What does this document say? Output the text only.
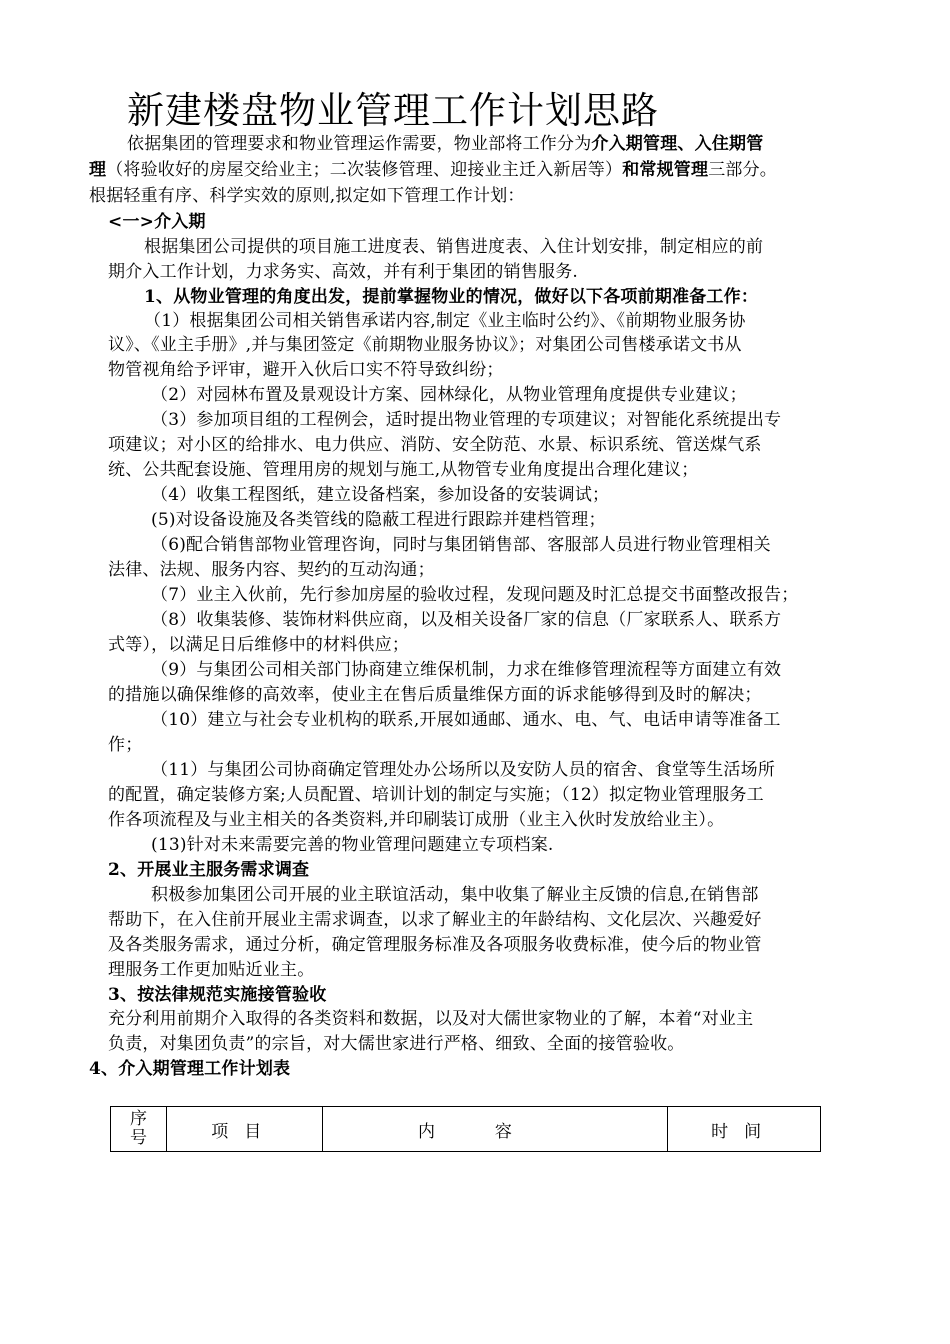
新建楼盘物业管理工作计划思路
依据集团的管理要求和物业管理运作需要，物业部将工作分为介入期管理、入住期管
理（将验收好的房屋交给业主；二次装修管理、迎接业主迁入新居等）和常规管理三部分。
根据轻重有序、科学实效的原则,拟定如下管理工作计划：
<一>介入期
根据集团公司提供的项目施工进度表、销售进度表、入住计划安排，制定相应的前
期介入工作计划，力求务实、高效，并有利于集团的销售服务.
1、从物业管理的角度出发，提前掌握物业的情况，做好以下各项前期准备工作：
（1）根据集团公司相关销售承诺内容,制定《业主临时公约》、《前期物业服务协
议》、《业主手册》,并与集团签定《前期物业服务协议》；对集团公司售楼承诺文书从
物管视角给予评审，避开入伙后口实不符导致纠纷；
（2）对园林布置及景观设计方案、园林绿化，从物业管理角度提供专业建议；
（3）参加项目组的工程例会，适时提出物业管理的专项建议；对智能化系统提出专
项建议；对小区的给排水、电力供应、消防、安全防范、水景、标识系统、管送煤气系
统、公共配套设施、管理用房的规划与施工,从物管专业角度提出合理化建议；
（4）收集工程图纸，建立设备档案，参加设备的安装调试；
(5)对设备设施及各类管线的隐蔽工程进行跟踪并建档管理；
（6)配合销售部物业管理咨询，同时与集团销售部、客服部人员进行物业管理相关
法律、法规、服务内容、契约的互动沟通；
（7）业主入伙前，先行参加房屋的验收过程，发现问题及时汇总提交书面整改报告；
（8）收集装修、装饰材料供应商，以及相关设备厂家的信息（厂家联系人、联系方
式等），以满足日后维修中的材料供应；
（9）与集团公司相关部门协商建立维保机制，力求在维修管理流程等方面建立有效
的措施以确保维修的高效率，使业主在售后质量维保方面的诉求能够得到及时的解决；
（10）建立与社会专业机构的联系,开展如通邮、通水、电、气、电话申请等准备工
作；
（11）与集团公司协商确定管理处办公场所以及安防人员的宿舍、食堂等生活场所
的配置，确定装修方案;人员配置、培训计划的制定与实施；（12）拟定物业管理服务工
作各项流程及与业主相关的各类资料,并印刷装订成册（业主入伙时发放给业主）。
(13)针对未来需要完善的物业管理问题建立专项档案.
2、开展业主服务需求调查
积极参加集团公司开展的业主联谊活动，集中收集了解业主反馈的信息,在销售部
帮助下，在入住前开展业主需求调查，以求了解业主的年龄结构、文化层次、兴趣爱好
及各类服务需求，通过分析，确定管理服务标准及各项服务收费标准，使今后的物业管
理服务工作更加贴近业主。
3、按法律规范实施接管验收
充分利用前期介入取得的各类资料和数据，以及对大儒世家物业的了解，本着“对业主
负责，对集团负责”的宗旨，对大儒世家进行严格、细致、全面的接管验收。
4、介入期管理工作计划表
序
号	项目	内容	时间
